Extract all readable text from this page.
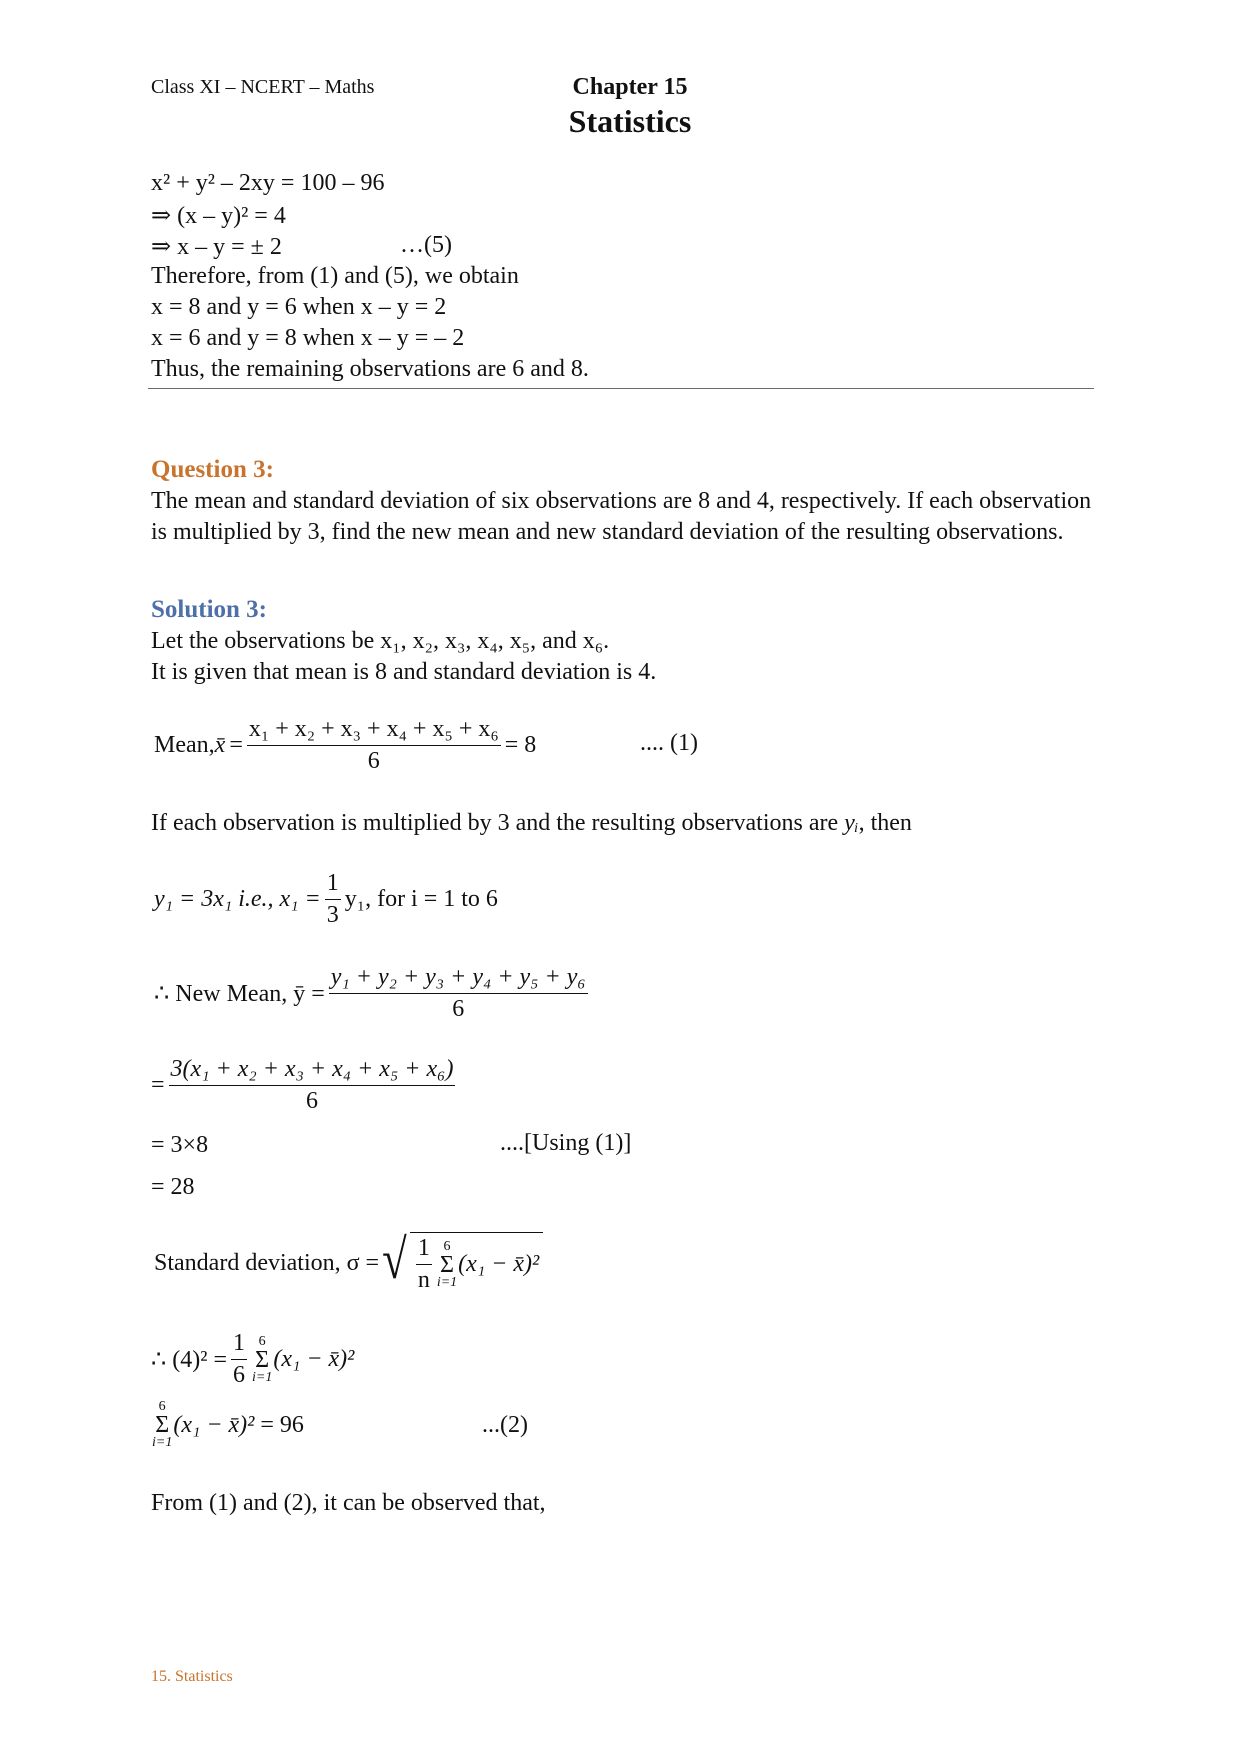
Class XI – NCERT – Maths	Chapter 15
Statistics
x² + y² – 2xy = 100 – 96
⇒ (x – y)² = 4
⇒ x – y = ± 2	…(5)
Therefore, from (1) and (5), we obtain
x = 8 and y = 6 when x – y = 2
x = 6 and y = 8 when x – y = – 2
Thus, the remaining observations are 6 and 8.
Question 3:
The mean and standard deviation of six observations are 8 and 4, respectively. If each observation is multiplied by 3, find the new mean and new standard deviation of the resulting observations.
Solution 3:
Let the observations be x₁, x₂, x₃, x₄, x₅, and x₆.
It is given that mean is 8 and standard deviation is 4.
Mean, x̄ = $\frac{\text{x₁ + x₂ + x₃ + x₄ + x₅ + x₆}}{6} = 8$	.... (1)
If each observation is multiplied by 3 and the resulting observations are yᵢ, then
y₁ = 3x₁ i.e., $x_1 = \frac{1}{3} y_1$, for i = 1 to 6
∴ New Mean, ȳ = $\frac{\text{y₁ + y₂ + y₃ + y₄ + y₅ + y₆}}{6}$
= $\frac{\text{3(x₁ + x₂ + x₃ + x₄ + x₅ + x₆)}}{6}$
= 3×8	....[Using (1)]
= 28
Standard deviation, σ = √ $\frac{1}{n} 6$
Σ
i=1
(x₁ − x̄)²
∴ $(4)^2 = \frac{1}{6} 6$
Σ
i=1
(x₁ − x̄)²
6
Σ
i=1
(x₁ − x̄)² = 96	...(2)
From (1) and (2), it can be observed that,
15. Statistics
